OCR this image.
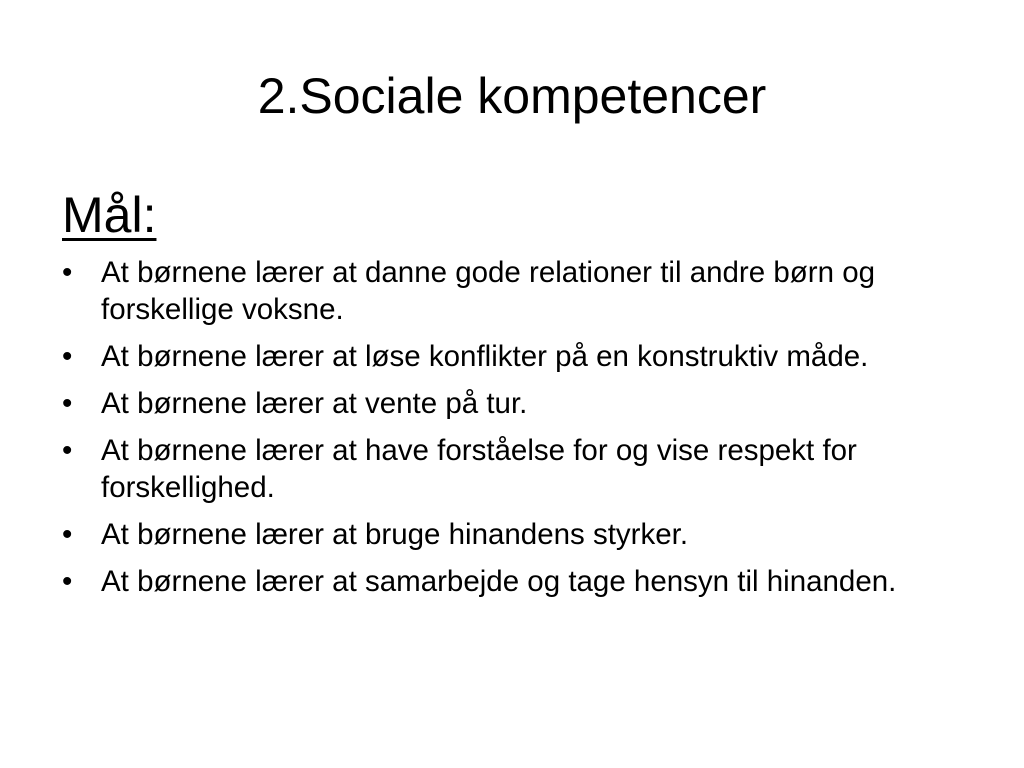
2.Sociale kompetencer
Mål:
• At børnene lærer at danne gode relationer til andre børn og forskellige voksne.
• At børnene lærer at løse konflikter på en konstruktiv måde.
• At børnene lærer at vente på tur.
• At børnene lærer at have forståelse for og vise respekt for forskellighed.
• At børnene lærer at bruge hinandens styrker.
• At børnene lærer at samarbejde og tage hensyn til hinanden.
